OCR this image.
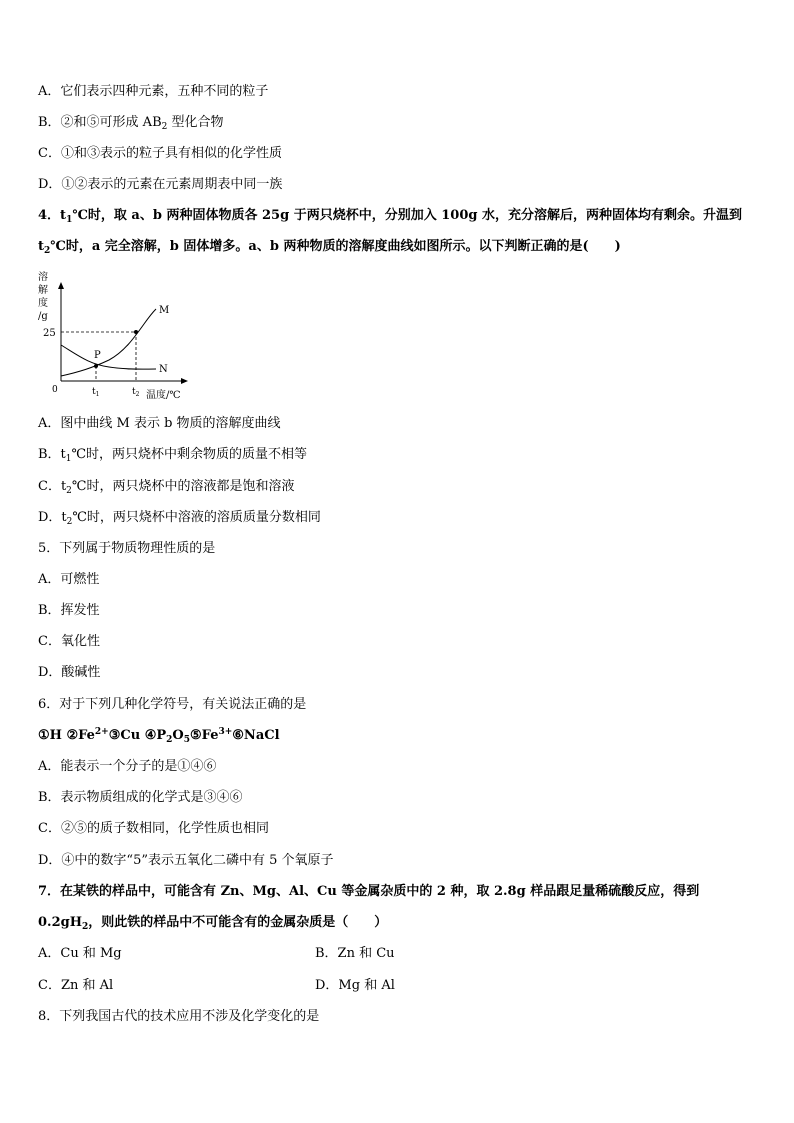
A．它们表示四种元素，五种不同的粒子
B．②和⑤可形成 $AB_2$ 型化合物
C．①和③表示的粒子具有相似的化学性质
D．①②表示的元素在元素周期表中同一族
4．$t_1℃$时，取 a、b 两种固体物质各 25g 于两只烧杯中，分别加入 100g 水，充分溶解后，两种固体均有剩余。升温到
$t_2℃$时，a 完全溶解，b 固体增多。a、b 两种物质的溶解度曲线如图所示。以下判断正确的是(　　)
溶
解
度
/g
25
M
N
P
0	$t_1$	$t_2$ 温度/℃
A．图中曲线 M 表示 b 物质的溶解度曲线
B．$t_1℃$时，两只烧杯中剩余物质的质量不相等
C．$t_2℃$时，两只烧杯中的溶液都是饱和溶液
D．$t_2℃$时，两只烧杯中溶液的溶质质量分数相同
5．下列属于物质物理性质的是
A．可燃性
B．挥发性
C．氧化性
D．酸碱性
6．对于下列几种化学符号，有关说法正确的是
①H $②Fe^{2+}③Cu$ $④P_2O_5⑤Fe^{3+}⑥NaCl$
A．能表示一个分子的是①④⑥
B．表示物质组成的化学式是③④⑥
C．②⑤的质子数相同，化学性质也相同
D．④中的数字“5”表示五氧化二磷中有 5 个氧原子
7．在某铁的样品中，可能含有 Zn、Mg、Al、Cu 等金属杂质中的 2 种，取 2.8g 样品跟足量稀硫酸反应，得到
$0.2gH_2$，则此铁的样品中不可能含有的金属杂质是（　　）
A．Cu 和 Mg	B．Zn 和 Cu
C．Zn 和 Al	D．Mg 和 Al
8．下列我国古代的技术应用不涉及化学变化的是
